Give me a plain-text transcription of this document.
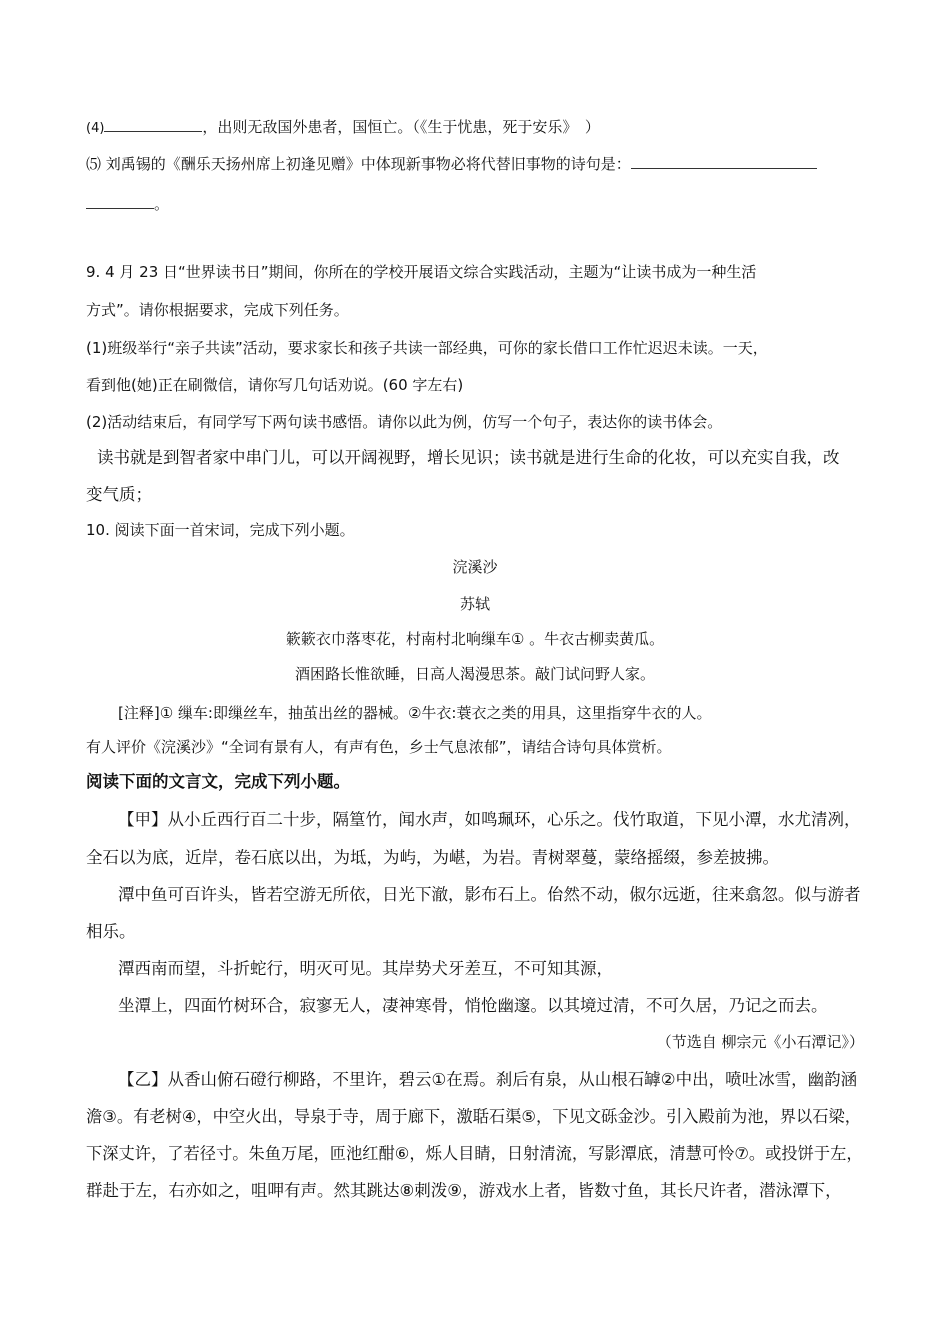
(4)	，出则无敌国外患者，国恒亡。（《生于忧患，死于安乐》　）
⑸ 刘禹锡的《酬乐天扬州席上初逢见赠》中体现新事物必将代替旧事物的诗句是：
。
9. 4 月 23 日“世界读书日”期间，你所在的学校开展语文综合实践活动，主题为“让读书成为一种生活
方式”。请你根据要求，完成下列任务。
(1)班级举行“亲子共读”活动，要求家长和孩子共读一部经典，可你的家长借口工作忙迟迟未读。一天，
看到他(她)正在刷微信，请你写几句话劝说。(60 字左右)
(2)活动结束后，有同学写下两句读书感悟。请你以此为例，仿写一个句子，表达你的读书体会。
读书就是到智者家中串门儿，可以开阔视野，增长见识；读书就是进行生命的化妆，可以充实自我，改
变气质；
10. 阅读下面一首宋词，完成下列小题。
浣溪沙
苏轼
簌簌衣巾落枣花，村南村北响缫车① 。牛衣古柳卖黄瓜。
酒困路长惟欲睡，日高人渴漫思茶。敲门试问野人家。
[注释]① 缫车:即缫丝车，抽茧出丝的器械。②牛衣:蓑衣之类的用具，这里指穿牛衣的人。
有人评价《浣溪沙》“全词有景有人，有声有色，乡士气息浓郁”，请结合诗句具体赏析。
阅读下面的文言文，完成下列小题。
【甲】从小丘西行百二十步，隔篁竹，闻水声，如鸣珮环，心乐之。伐竹取道，下见小潭，水尤清冽，
全石以为底，近岸，卷石底以出，为坻，为屿，为嵁，为岩。青树翠蔓，蒙络摇缀，参差披拂。
潭中鱼可百许头，皆若空游无所依，日光下澈，影布石上。佁然不动，俶尔远逝，往来翕忽。似与游者
相乐。
潭西南而望，斗折蛇行，明灭可见。其岸势犬牙差互，不可知其源，
坐潭上，四面竹树环合，寂寥无人，凄神寒骨，悄怆幽邃。以其境过清，不可久居，乃记之而去。
（节选自 柳宗元《小石潭记》）
【乙】从香山俯石磴行柳路，不里许，碧云①在焉。刹后有泉，从山根石罅②中出，喷吐冰雪，幽韵涵
澹③。有老树④，中空火出，导泉于寺，周于廊下，激聒石渠⑤，下见文砾金沙。引入殿前为池，界以石梁，
下深丈许，了若径寸。朱鱼万尾，匝池红酣⑥，烁人目睛，日射清流，写影潭底，清慧可怜⑦。或投饼于左，
群赴于左，右亦如之，咀呷有声。然其跳达⑧刺泼⑨，游戏水上者，皆数寸鱼，其长尺许者，潜泳潭下，
